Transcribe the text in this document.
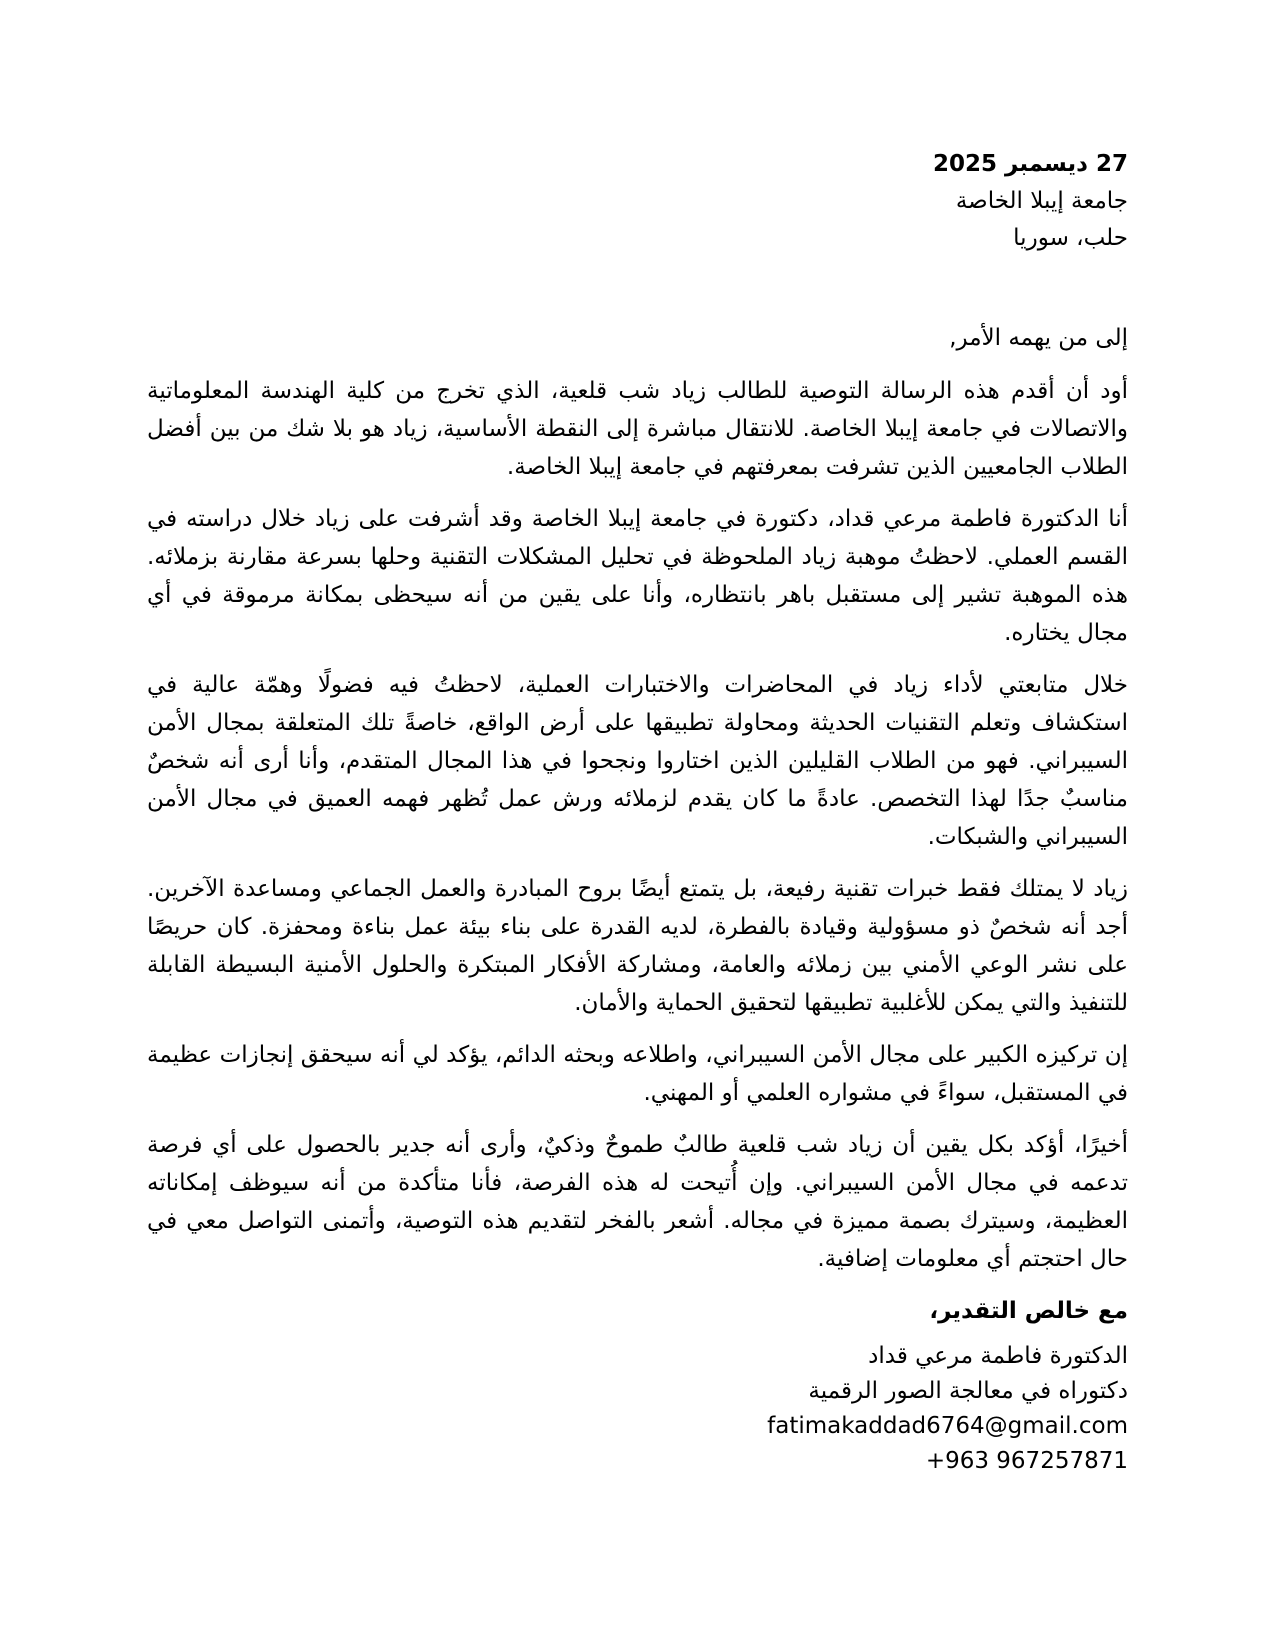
27 ديسمبر 2025
جامعة إيبلا الخاصة
حلب، سوريا
إلى من يهمه الأمر,

أود أن أقدم هذه الرسالة التوصية للطالب زياد شب قلعية، الذي تخرج من كلية الهندسة المعلوماتية والاتصالات في جامعة إيبلا الخاصة. للانتقال مباشرة إلى النقطة الأساسية، زياد هو بلا شك من بين أفضل الطلاب الجامعيين الذين تشرفت بمعرفتهم في جامعة إيبلا الخاصة.

أنا الدكتورة فاطمة مرعي قداد، دكتورة في جامعة إيبلا الخاصة وقد أشرفت على زياد خلال دراسته في القسم العملي. لاحظتُ موهبة زياد الملحوظة في تحليل المشكلات التقنية وحلها بسرعة مقارنة بزملائه. هذه الموهبة تشير إلى مستقبل باهر بانتظاره، وأنا على يقين من أنه سيحظى بمكانة مرموقة في أي مجال يختاره.

خلال متابعتي لأداء زياد في المحاضرات والاختبارات العملية، لاحظتُ فيه فضولًا وهمّة عالية في استكشاف وتعلم التقنيات الحديثة ومحاولة تطبيقها على أرض الواقع، خاصةً تلك المتعلقة بمجال الأمن السيبراني. فهو من الطلاب القليلين الذين اختاروا ونجحوا في هذا المجال المتقدم، وأنا أرى أنه شخصٌ مناسبٌ جدًا لهذا التخصص. عادةً ما كان يقدم لزملائه ورش عمل تُظهر فهمه العميق في مجال الأمن السيبراني والشبكات.

زياد لا يمتلك فقط خبرات تقنية رفيعة، بل يتمتع أيضًا بروح المبادرة والعمل الجماعي ومساعدة الآخرين. أجد أنه شخصٌ ذو مسؤولية وقيادة بالفطرة، لديه القدرة على بناء بيئة عمل بناءة ومحفزة. كان حريصًا على نشر الوعي الأمني بين زملائه والعامة، ومشاركة الأفكار المبتكرة والحلول الأمنية البسيطة القابلة للتنفيذ والتي يمكن للأغلبية تطبيقها لتحقيق الحماية والأمان.

إن تركيزه الكبير على مجال الأمن السيبراني، واطلاعه وبحثه الدائم، يؤكد لي أنه سيحقق إنجازات عظيمة في المستقبل، سواءً في مشواره العلمي أو المهني.

أخيرًا، أؤكد بكل يقين أن زياد شب قلعية طالبٌ طموحٌ وذكيٌ، وأرى أنه جدير بالحصول على أي فرصة تدعمه في مجال الأمن السيبراني. وإن أُتيحت له هذه الفرصة، فأنا متأكدة من أنه سيوظف إمكاناته العظيمة، وسيترك بصمة مميزة في مجاله. أشعر بالفخر لتقديم هذه التوصية، وأتمنى التواصل معي في حال احتجتم أي معلومات إضافية.

مع خالص التقدير،
الدكتورة فاطمة مرعي قداد
دكتوراه في معالجة الصور الرقمية
fatimakaddad6764@gmail.com
+963 967257871
